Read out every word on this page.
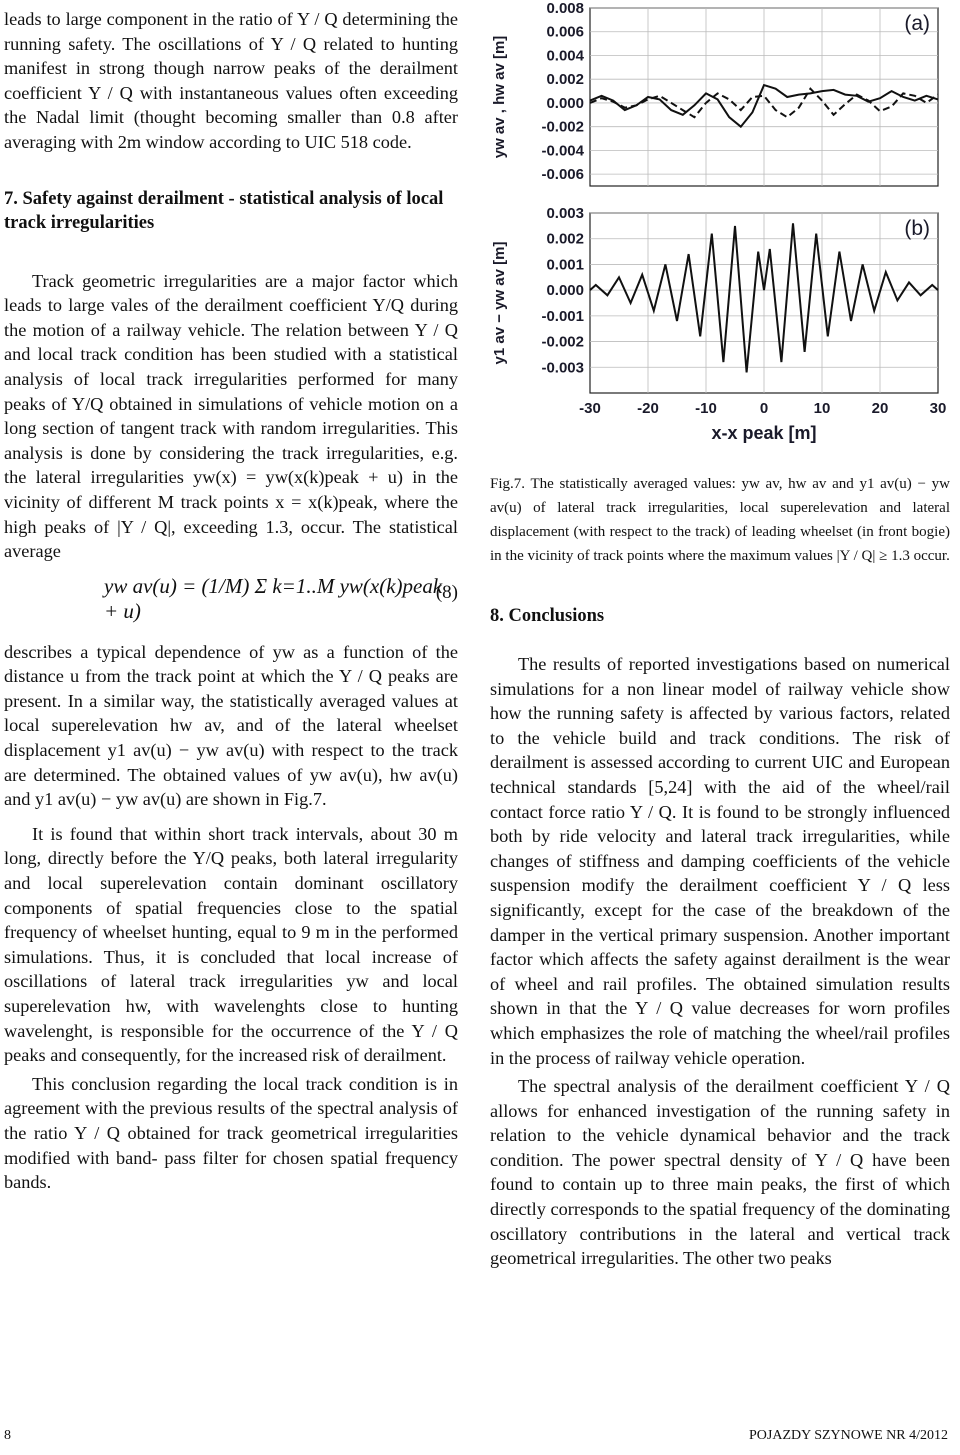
leads to large component in the ratio of Y / Q determining the running safety. The oscillations of Y / Q related to hunting manifest in strong though narrow peaks of the derailment coefficient Y / Q with instantaneous values often exceeding the Nadal limit (thought becoming smaller than 0.8 after averaging with 2m window according to UIC 518 code.

7. Safety against derailment - statistical analysis of local track irregularities

Track geometric irregularities are a major factor which leads to large vales of the derailment coefficient Y/Q during the motion of a railway vehicle. The relation between Y / Q and local track condition has been studied with a statistical analysis of local track irregularities performed for many peaks of Y/Q obtained in simulations of vehicle motion on a long section of tangent track with random irregularities. This analysis is done by considering the track irregularities, e.g. the lateral irregularities yw(x) = yw(x(k)peak + u) in the vicinity of different M track points x = x(k)peak, where the high peaks of |Y / Q|, exceeding 1.3, occur. The statistical average

yw av(u) = (1/M) Σ k=1..M yw(x(k)peak + u)
(8)

describes a typical dependence of yw as a function of the distance u from the track point at which the Y / Q peaks are present. In a similar way, the statistically averaged values at local superelevation hw av, and of the lateral wheelset displacement y1 av(u) − yw av(u) with respect to the track are determined. The obtained values of yw av(u), hw av(u) and y1 av(u) − yw av(u) are shown in Fig.7.

It is found that within short track intervals, about 30 m long, directly before the Y/Q peaks, both lateral irregularity and local superelevation contain dominant oscillatory components of spatial frequencies close to the spatial frequency of wheelset hunting, equal to 9 m in the performed simulations. Thus, it is concluded that local increase of oscillations of lateral track irregularities yw and local superelevation hw, with wavelenghts close to hunting wavelenght, is responsible for the occurrence of the Y / Q peaks and consequently, for the increased risk of derailment.

This conclusion regarding the local track condition is in agreement with the previous results of the spectral analysis of the ratio Y / Q obtained for track geometrical irregularities modified with band- pass filter for chosen spatial frequency bands.

0.008
0.006
0.004
0.002
0.000
-0.002
-0.004
-0.006
(a)
yw av , hw av [m]
0.003
0.002
0.001
0.000
-0.001
-0.002
-0.003
-30 -20 -10	0	10	20	30
(b)
y1 av − yw av [m]
x-x peak [m]

Fig.7. The statistically averaged values: yw av, hw av and y1 av(u) − yw av(u) of lateral track irregularities, local superelevation and lateral displacement (with respect to the track) of leading wheelset (in front bogie) in the vicinity of track points where the maximum values |Y / Q| ≥ 1.3 occur.

8. Conclusions

The results of reported investigations based on numerical simulations for a non linear model of railway vehicle show how the running safety is affected by various factors, related to the vehicle build and track conditions. The risk of derailment is assessed according to current UIC and European technical standards [5,24] with the aid of the wheel/rail contact force ratio Y / Q. It is found to be strongly influenced both by ride velocity and lateral track irregularities, while changes of stiffness and damping coefficients of the vehicle suspension modify the derailment coefficient Y / Q less significantly, except for the case of the breakdown of the damper in the vertical primary suspension. Another important factor which affects the safety against derailment is the wear of wheel and rail profiles. The obtained simulation results shown in that the Y / Q value decreases for worn profiles which emphasizes the role of matching the wheel/rail profiles in the process of railway vehicle operation.

The spectral analysis of the derailment coefficient Y / Q allows for enhanced investigation of the running safety in relation to the vehicle dynamical behavior and the track condition. The power spectral density of Y / Q have been found to contain up to three main peaks, the first of which directly corresponds to the spatial frequency of the dominating oscillatory contributions in the lateral and vertical track geometrical irregularities. The other two peaks

8	POJAZDY SZYNOWE NR 4/2012
